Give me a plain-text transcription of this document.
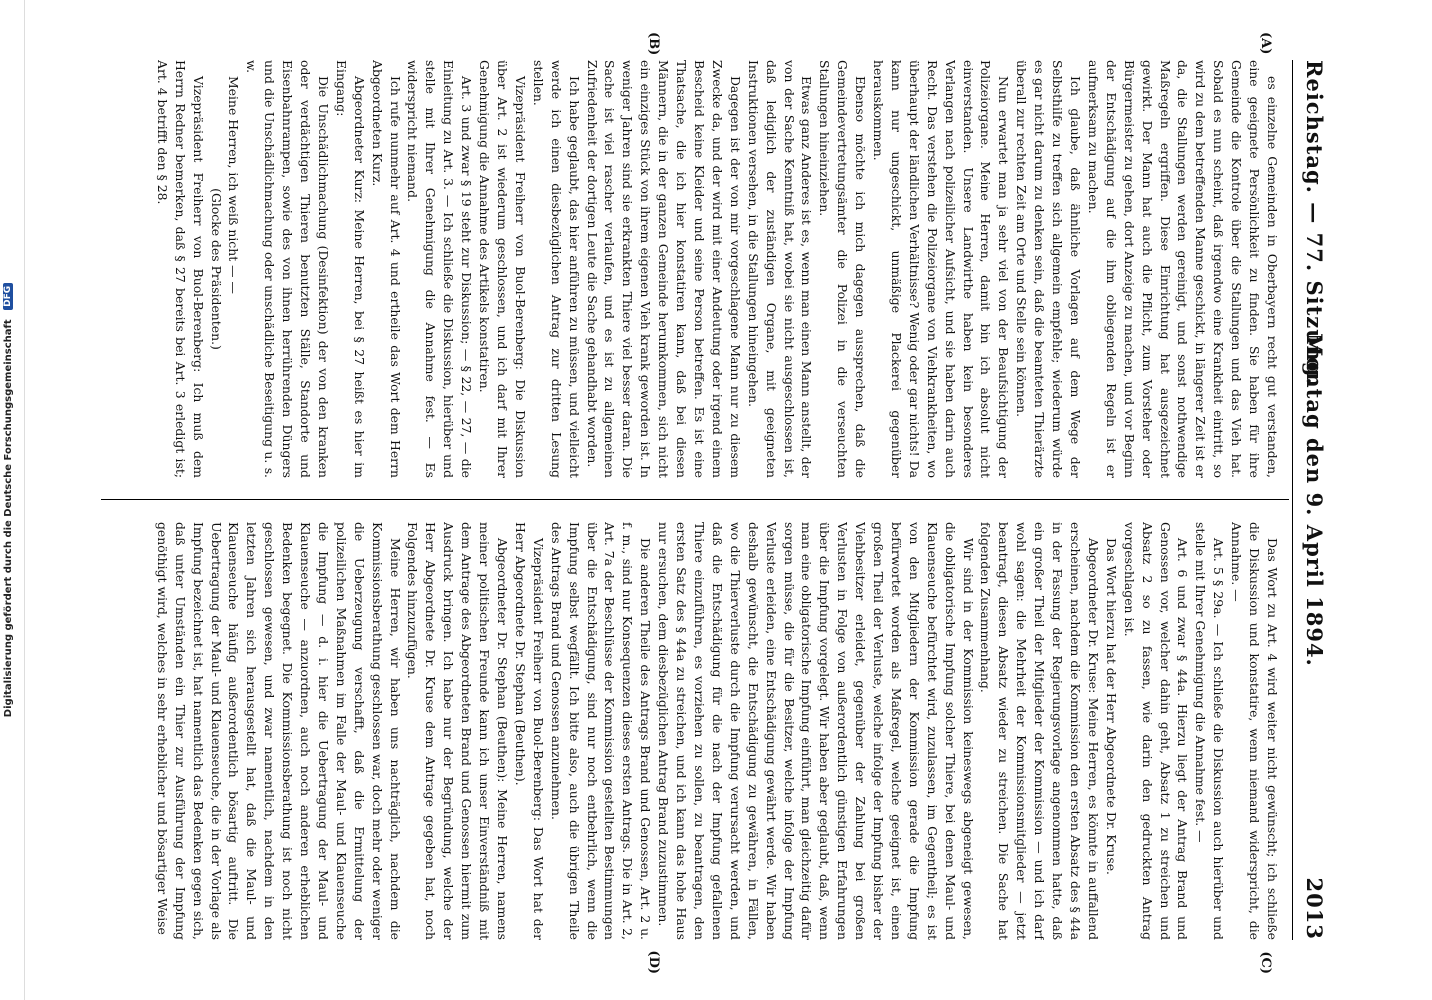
Digitalisierung gefördert durch die Deutsche Forschungsgemeinschaft DFG	Reichstag. — 77. Sitzung.
Montag den 9. April 1894.
2013
(A)
(B)
(C)
(D)

es einzelne Gemeinden in Oberbayern recht gut verstanden, eine geeignete Persönlichkeit zu finden. Sie haben für ihre Gemeinde die Kontrole über die Stallungen und das Vieh hat. Sobald es nun scheint, daß irgendwo eine Krankheit eintritt, so wird zu dem betreffenden Manne geschickt, in längerer Zeit ist er da, die Stallungen werden gereinigt, und sonst nothwendige Maßregeln ergriffen. Diese Einrichtung hat ausgezeichnet gewirkt. Der Mann hat auch die Pflicht, zum Vorsteher oder Bürgermeister zu gehen, dort Anzeige zu machen, und vor Beginn der Entschädigung auf die ihm obliegenden Regeln ist er aufmerksam zu machen.

Ich glaube, daß ähnliche Vorlagen auf dem Wege der Selbsthilfe zu treffen sich allgemein empfehle; wiederum würde es gar nicht darum zu denken sein, daß die beamteten Thierärzte überall zur rechten Zeit am Orte und Stelle sein können.

Nun erwartet man ja sehr viel von der Beaufsichtigung der Polizeiorgane. Meine Herren, damit bin ich absolut nicht einverstanden. Unsere Landwirthe haben kein besonderes Verlangen nach polizeilicher Aufsicht, und sie haben darin auch Recht. Das verstehen die Polizeiorgane von Viehkrankheiten, wo überhaupt der ländlichen Verhältnisse? Wenig oder gar nichts! Da kann nur ungeschickt, unmäßige Plackerei gegenüber herauskommen.

Ebenso möchte ich mich dagegen aussprechen, daß die Gemeindevertretungsämter die Polizei in die verseuchten Stallungen hineinziehen.

Etwas ganz Anderes ist es, wenn man einen Mann anstellt, der von der Sache Kenntniß hat, wobei sie nicht ausgeschlossen ist, daß lediglich der zuständigen Organe, mit geeigneten Instruktionen versehen, in die Stallungen hineingehen.

Dagegen ist der von mir vorgeschlagene Mann nur zu diesem Zwecke da, und der wird mit einer Andeutung oder irgend einem Bescheid keine Kleider und seine Person betreffen. Es ist eine Thatsache, die ich hier konstatiren kann, daß bei diesen Männern, die in der ganzen Gemeinde herumkommen, sich nicht ein einziges Stück von ihrem eigenen Vieh krank geworden ist. In weniger Jahren sind sie erkrankten Thiere viel besser daran. Die Sache ist viel rascher verlaufen, und es ist zu allgemeinen Zufriedenheit der dortigen Leute die Sache gehandhabt worden.

Ich habe geglaubt, das hier anführen zu müssen, und vielleicht werde ich einen diesbezüglichen Antrag zur dritten Lesung stellen.

Vizepräsident Freiherr von Buol-Berenberg: Die Diskussion über Art. 2 ist wiederum geschlossen, und ich darf mit Ihrer Genehmigung die Annahme des Artikels konstatiren.

Art. 3 und zwar § 19 steht zur Diskussion; — § 22, — 27, — die Einleitung zu Art. 3. — Ich schließe die Diskussion, hierüber und stelle mit Ihrer Genehmigung die Annahme fest. — Es widerspricht niemand.

Ich rufe nunmehr auf Art. 4 und ertheile das Wort dem Herrn Abgeordneten Kurz.

Abgeordneter Kurz: Meine Herren, bei § 27 heißt es hier im Eingang:

Die Unschädlichmachung (Desinfektion) der von den kranken oder verdächtigen Thieren benutzten Ställe, Standorte und Eisenbahnrampen, sowie des von ihnen herrührenden Düngers und die Unschädlichmachung oder unschädliche Beseitigung u. s. w.

Meine Herren, ich weiß nicht — —

(Glocke des Präsidenten.)

Vizepräsident Freiherr von Buol-Berenberg: Ich muß dem Herrn Redner bemerken, daß § 27 bereits bei Art. 3 erledigt ist; Art. 4 betrifft den § 28.

Das Wort zu Art. 4 wird weiter nicht gewünscht; ich schließe die Diskussion und konstatire, wenn niemand widerspricht, die Annahme. —

Art. 5 § 29a. — Ich schließe die Diskussion auch hierüber und stelle mit Ihrer Genehmigung die Annahme fest. —

Art. 6 und zwar § 44a. Hierzu liegt der Antrag Brand und Genossen vor, welcher dahin geht, Absatz 1 zu streichen und Absatz 2 so zu fassen, wie darin den gedruckten Antrag vorgeschlagen ist.

Das Wort hierzu hat der Herr Abgeordnete Dr. Kruse.

Abgeordneter Dr. Kruse: Meine Herren, es könnte in auffallend erscheinen, nachdem die Kommission den ersten Absatz des § 44a in der Fassung der Regierungsvorlage angenommen hatte, daß ein großer Theil der Mitglieder der Kommission — und ich darf wohl sagen: die Mehrheit der Kommissionsmitglieder — jetzt beantragt, diesen Absatz wieder zu streichen. Die Sache hat folgenden Zusammenhang.

Wir sind in der Kommission keineswegs abgeneigt gewesen, die obligatorische Impfung solcher Thiere, bei denen Maul- und Klauenseuche befürchtet wird, zuzulassen, im Gegentheil; es ist von den Mitgliedern der Kommission gerade die Impfung befürwortet worden als Maßregel, welche geeignet ist, einen großen Theil der Verluste, welche infolge der Impfung bisher der Viehbesitzer erleidet, gegenüber der Zahlung bei großen Verlusten in Folge von außerordentlich günstigen Erfahrungen über die Impfung vorgelegt. Wir haben aber geglaubt, daß, wenn man eine obligatorische Impfung einführt, man gleichzeitig dafür sorgen müsse, die für die Besitzer, welche infolge der Impfung Verluste erleiden, eine Entschädigung gewährt werde. Wir haben deshalb gewünscht, die Entschädigung zu gewähren, in Fällen, wo die Thierverluste durch die Impfung verursacht werden, und daß die Entschädigung für die nach der Impfung gefallenen Thiere einzuführen, es vorziehen zu sollen, zu beantragen, den ersten Satz des § 44a zu streichen, und ich kann das hohe Haus nur ersuchen, dem diesbezüglichen Antrag Brand zuzustimmen.

Die anderen Theile des Antrags Brand und Genossen, Art. 2 u. f. m., sind nur Konsequenzen dieses ersten Antrags. Die in Art. 2, Art. 7a der Beschlüsse der Kommission gestellten Bestimmungen über die Entschädigung, sind nur noch entbehrlich, wenn die Impfung selbst wegfällt. Ich bitte also, auch die übrigen Theile des Antrags Brand und Genossen anzunehmen.

Vizepräsident Freiherr von Buol-Berenberg: Das Wort hat der Herr Abgeordnete Dr. Stephan (Beuthen).

Abgeordneter Dr. Stephan (Beuthen): Meine Herren, namens meiner politischen Freunde kann ich unser Einverständniß mit dem Antrage des Abgeordneten Brand und Genossen hiermit zum Ausdruck bringen. Ich habe nur der Begründung, welche der Herr Abgeordnete Dr. Kruse dem Antrage gegeben hat, noch Folgendes hinzuzufügen.

Meine Herren, wir haben uns nachträglich, nachdem die Kommissionsberathung geschlossen war, doch mehr oder weniger die Ueberzeugung verschafft, daß die Ermittelung der polizeilichen Maßnahmen im Falle der Maul- und Klauenseuche die Impfung — d. i. hier die Uebertragung der Maul- und Klauenseuche — anzuordnen, auch noch anderen erheblichen Bedenken begegnet. Die Kommissionsberathung ist noch nicht geschlossen gewesen, und zwar namentlich, nachdem in den letzten Jahren sich herausgestellt hat, daß die Maul- und Klauenseuche häufig außerordentlich bösartig auftritt. Die Uebertragung der Maul- und Klauenseuche, die in der Vorlage als Impfung bezeichnet ist, hat namentlich das Bedenken gegen sich, daß unter Umständen ein Thier zur Ausführung der Impfung genöthigt wird, welches in sehr erheblicher und bösartiger Weise
